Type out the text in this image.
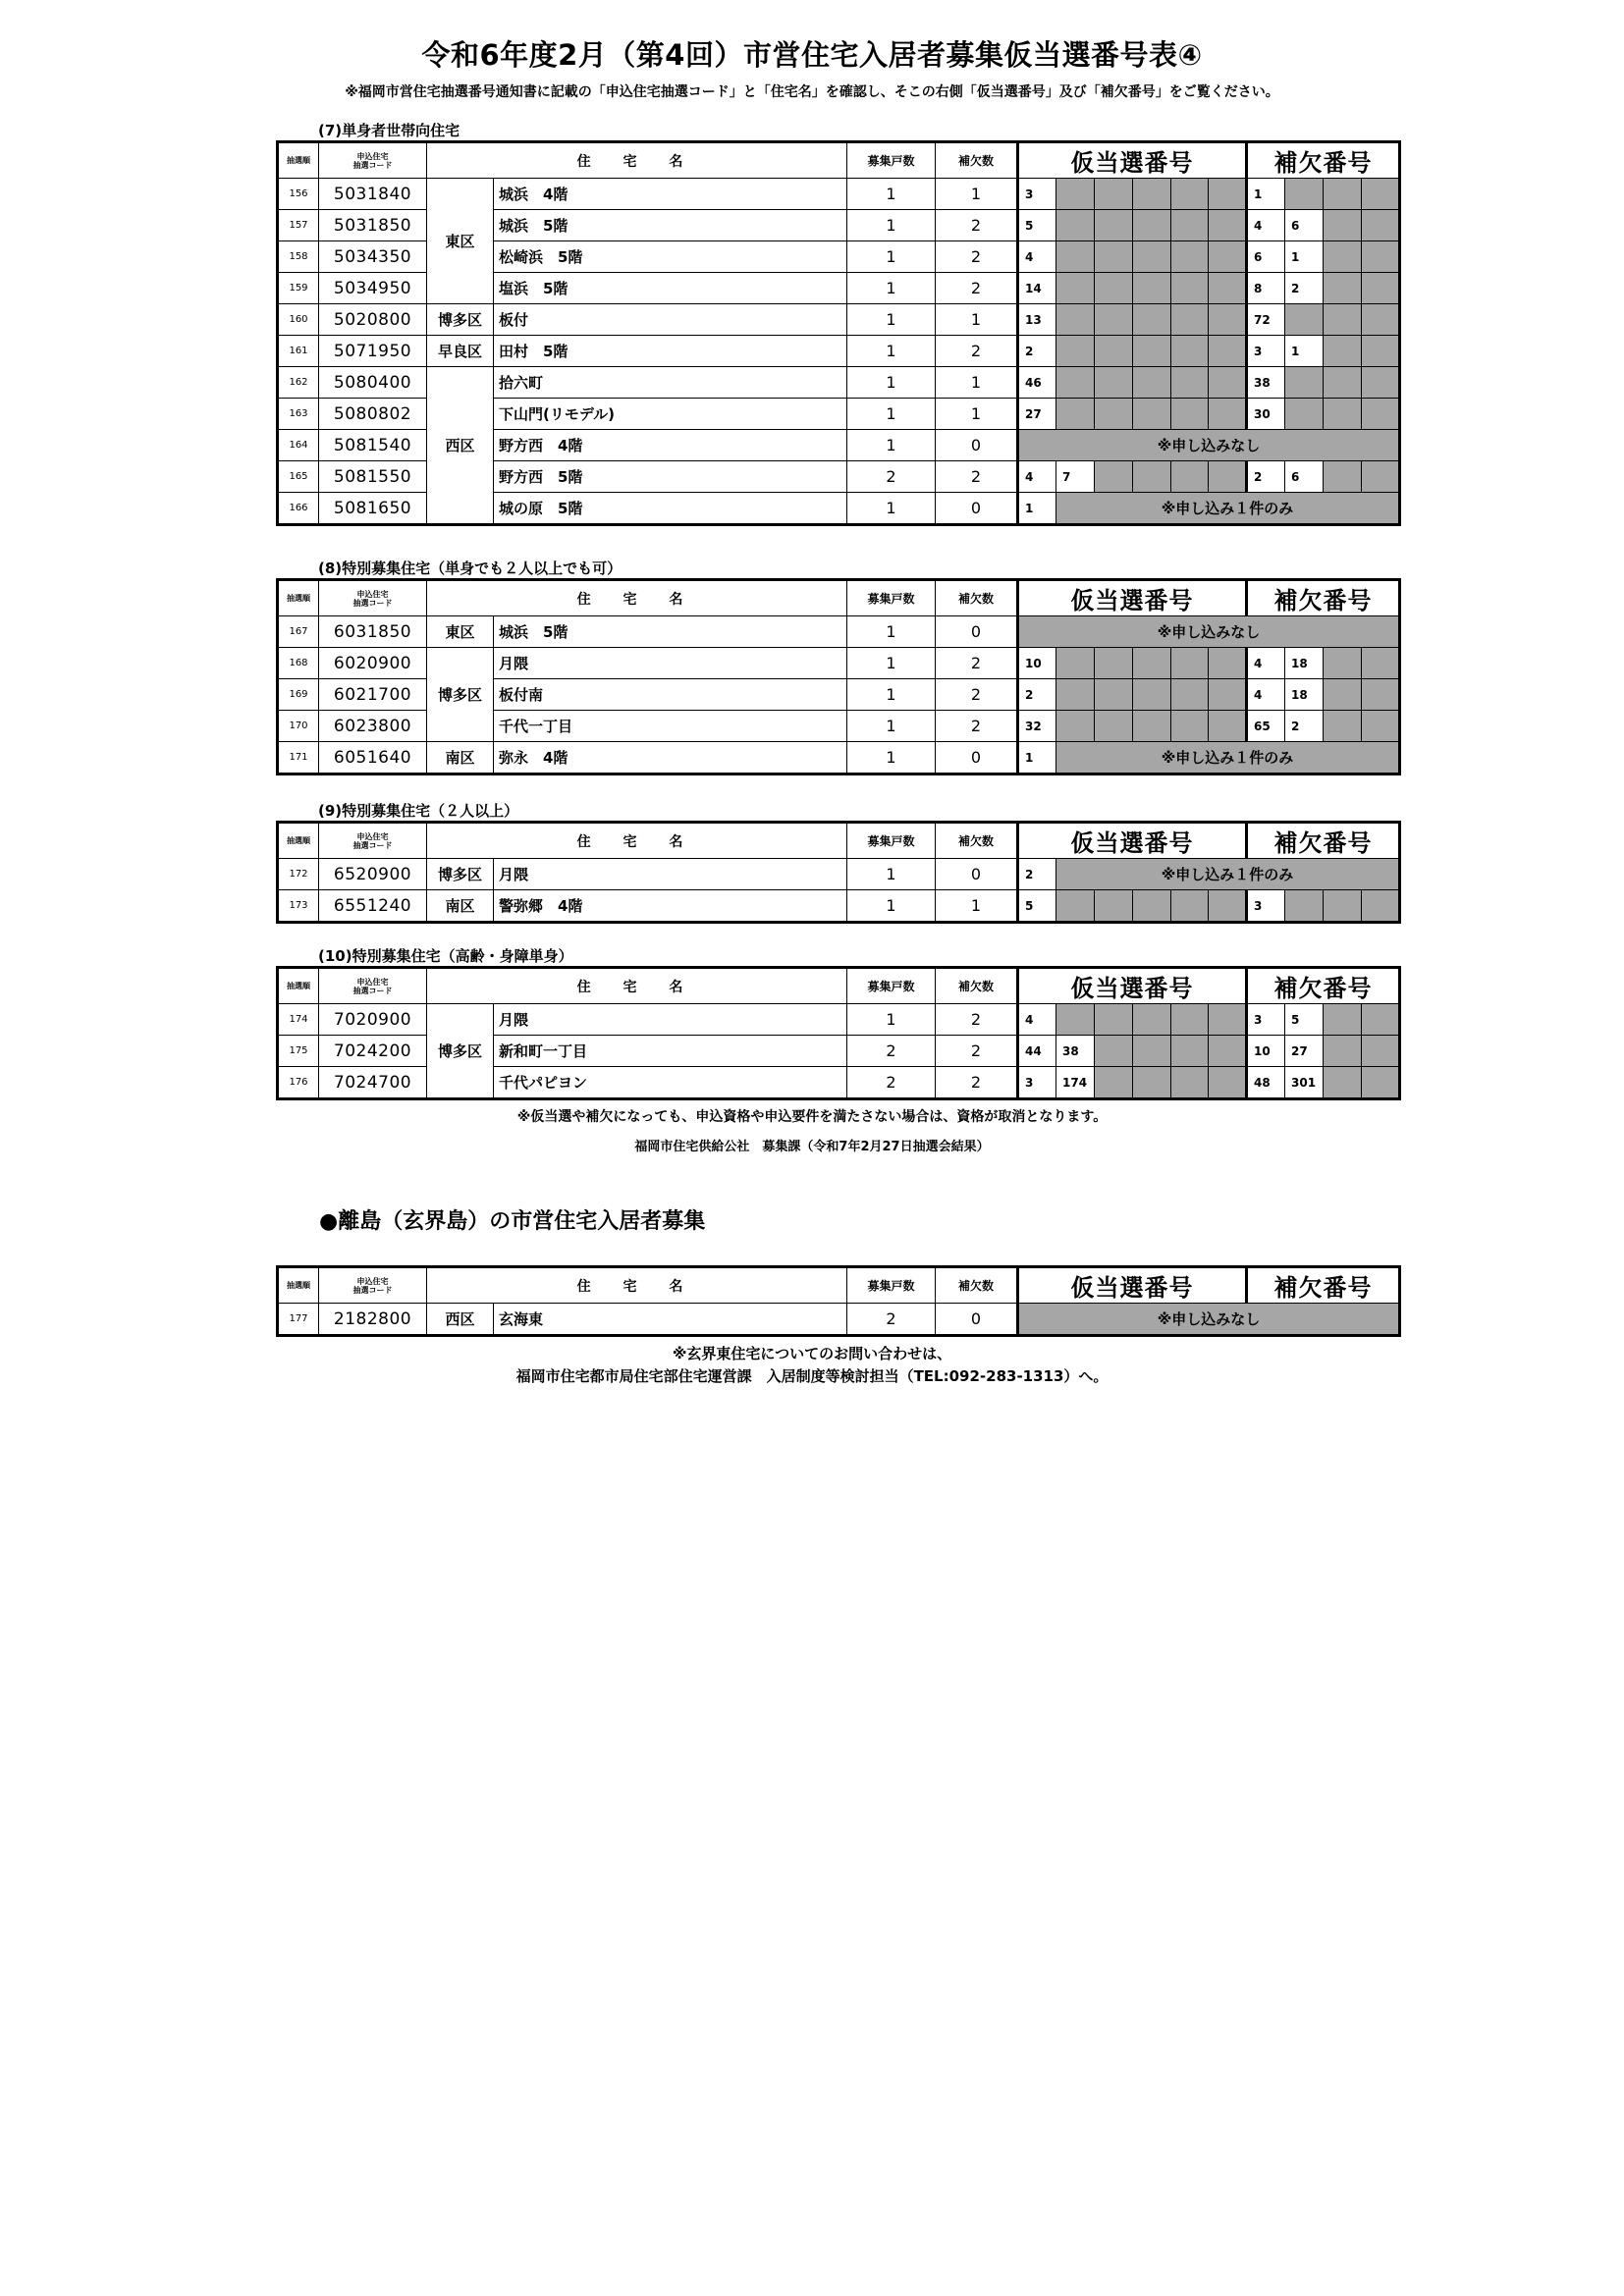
令和6年度2月（第4回）市営住宅入居者募集仮当選番号表④
※福岡市営住宅抽選番号通知書に記載の「申込住宅抽選コード」と「住宅名」を確認し、そこの右側「仮当選番号」及び「補欠番号」をご覧ください。
(7)単身者世帯向住宅
抽選順	申込住宅
抽選コード	住 宅 名		募集戸数	補欠数	仮当選番号						補欠番号			
156	5031840	東区	城浜　4階	1	1	3						1			
157	5031850		城浜　5階	1	2	5						4	6		
158	5034350		松崎浜　5階	1	2	4						6	1		
159	5034950		塩浜　5階	1	2	14						8	2		
160	5020800	博多区	板付	1	1	13						72			
161	5071950	早良区	田村　5階	1	2	2						3	1		
162	5080400	西区	拾六町	1	1	46						38			
163	5080802		下山門(リモデル)	1	1	27						30			
164	5081540		野方西　4階	1	0	※申し込みなし									
165	5081550		野方西　5階	2	2	4	7					2	6		
166	5081650		城の原　5階	1	0	1	※申し込み１件のみ								
(8)特別募集住宅（単身でも２人以上でも可）
抽選順	申込住宅
抽選コード	住 宅 名		募集戸数	補欠数	仮当選番号						補欠番号			
167	6031850	東区	城浜　5階	1	0	※申し込みなし									
168	6020900	博多区	月隈	1	2	10						4	18		
169	6021700		板付南	1	2	2						4	18		
170	6023800		千代一丁目	1	2	32						65	2		
171	6051640	南区	弥永　4階	1	0	1	※申し込み１件のみ								
(9)特別募集住宅（２人以上）
抽選順	申込住宅
抽選コード	住 宅 名		募集戸数	補欠数	仮当選番号						補欠番号			
172	6520900	博多区	月隈	1	0	2	※申し込み１件のみ								
173	6551240	南区	警弥郷　4階	1	1	5						3			
(10)特別募集住宅（高齢・身障単身）
抽選順	申込住宅
抽選コード	住 宅 名		募集戸数	補欠数	仮当選番号						補欠番号			
174	7020900	博多区	月隈	1	2	4						3	5		
175	7024200		新和町一丁目	2	2	44	38					10	27		
176	7024700		千代パピヨン	2	2	3	174					48	301		
※仮当選や補欠になっても、申込資格や申込要件を満たさない場合は、資格が取消となります。
福岡市住宅供給公社　募集課（令和7年2月27日抽選会結果）
●離島（玄界島）の市営住宅入居者募集
抽選順	申込住宅
抽選コード	住 宅 名		募集戸数	補欠数	仮当選番号	補欠番号
177	2182800	西区	玄海東	2	0	※申し込みなし	
※玄界東住宅についてのお問い合わせは、
福岡市住宅都市局住宅部住宅運営課　入居制度等検討担当（TEL:092-283-1313）へ。
